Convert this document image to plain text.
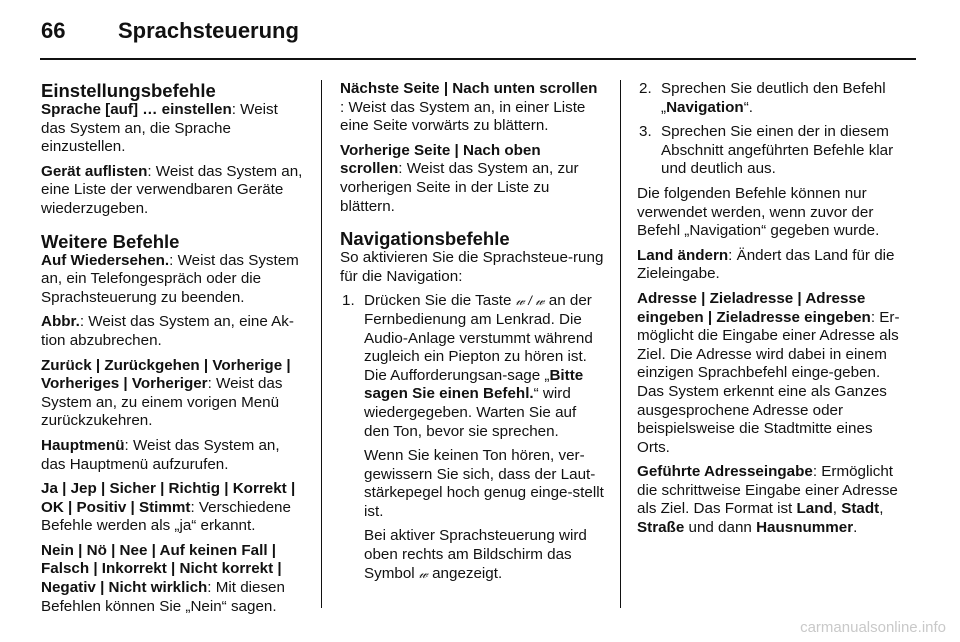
66 Sprachsteuerung
Einstellungsbefehle

Sprache [auf] … einstellen: Weist das System an, die Sprache einzustellen.

Gerät auflisten: Weist das System an, eine Liste der verwendbaren Geräte wiederzugeben.

Weitere Befehle

Auf Wiedersehen.: Weist das System an, ein Telefongespräch oder die Sprachsteuerung zu beenden.

Abbr.: Weist das System an, eine Ak-tion abzubrechen.

Zurück | Zurückgehen | Vorherige | Vorheriges | Vorheriger: Weist das System an, zu einem vorigen Menü zurückzukehren.

Hauptmenü: Weist das System an, das Hauptmenü aufzurufen.

Ja | Jep | Sicher | Richtig | Korrekt | OK | Positiv | Stimmt: Verschiedene Befehle werden als „ja“ erkannt.

Nein | Nö | Nee | Auf keinen Fall | Falsch | Inkorrekt | Nicht korrekt | Negativ | Nicht wirklich: Mit diesen Befehlen können Sie „Nein“ sagen.

Nächste Seite | Nach unten scrollen : Weist das System an, in einer Liste eine Seite vorwärts zu blättern.

Vorherige Seite | Nach oben scrollen: Weist das System an, zur vorherigen Seite in der Liste zu blättern.

Navigationsbefehle

So aktivieren Sie die Sprachsteue-rung für die Navigation:

1. Drücken Sie die Taste 𝓌 / 𝓌 an der Fernbedienung am Lenkrad. Die Audio-Anlage verstummt während zugleich ein Piepton zu hören ist. Die Aufforderungsan-sage „Bitte sagen Sie einen Befehl.“ wird wiedergegeben. Warten Sie auf den Ton, bevor sie sprechen.
Wenn Sie keinen Ton hören, ver-gewissern Sie sich, dass der Laut-stärkepegel hoch genug einge-stellt ist.
Bei aktiver Sprachsteuerung wird oben rechts am Bildschirm das Symbol 𝓌 angezeigt.
2. Sprechen Sie deutlich den Befehl „Navigation“.
3. Sprechen Sie einen der in diesem Abschnitt angeführten Befehle klar und deutlich aus.

Die folgenden Befehle können nur verwendet werden, wenn zuvor der Befehl „Navigation“ gegeben wurde.

Land ändern: Ändert das Land für die Zieleingabe.

Adresse | Zieladresse | Adresse eingeben | Zieladresse eingeben: Er-möglicht die Eingabe einer Adresse als Ziel. Die Adresse wird dabei in einem einzigen Sprachbefehl einge-geben. Das System erkennt eine als Ganzes ausgesprochene Adresse oder beispielsweise die Stadtmitte eines Orts.

Geführte Adresseingabe: Ermöglicht die schrittweise Eingabe einer Adresse als Ziel. Das Format ist Land, Stadt, Straße und dann Hausnummer.

carmanualsonline.info
